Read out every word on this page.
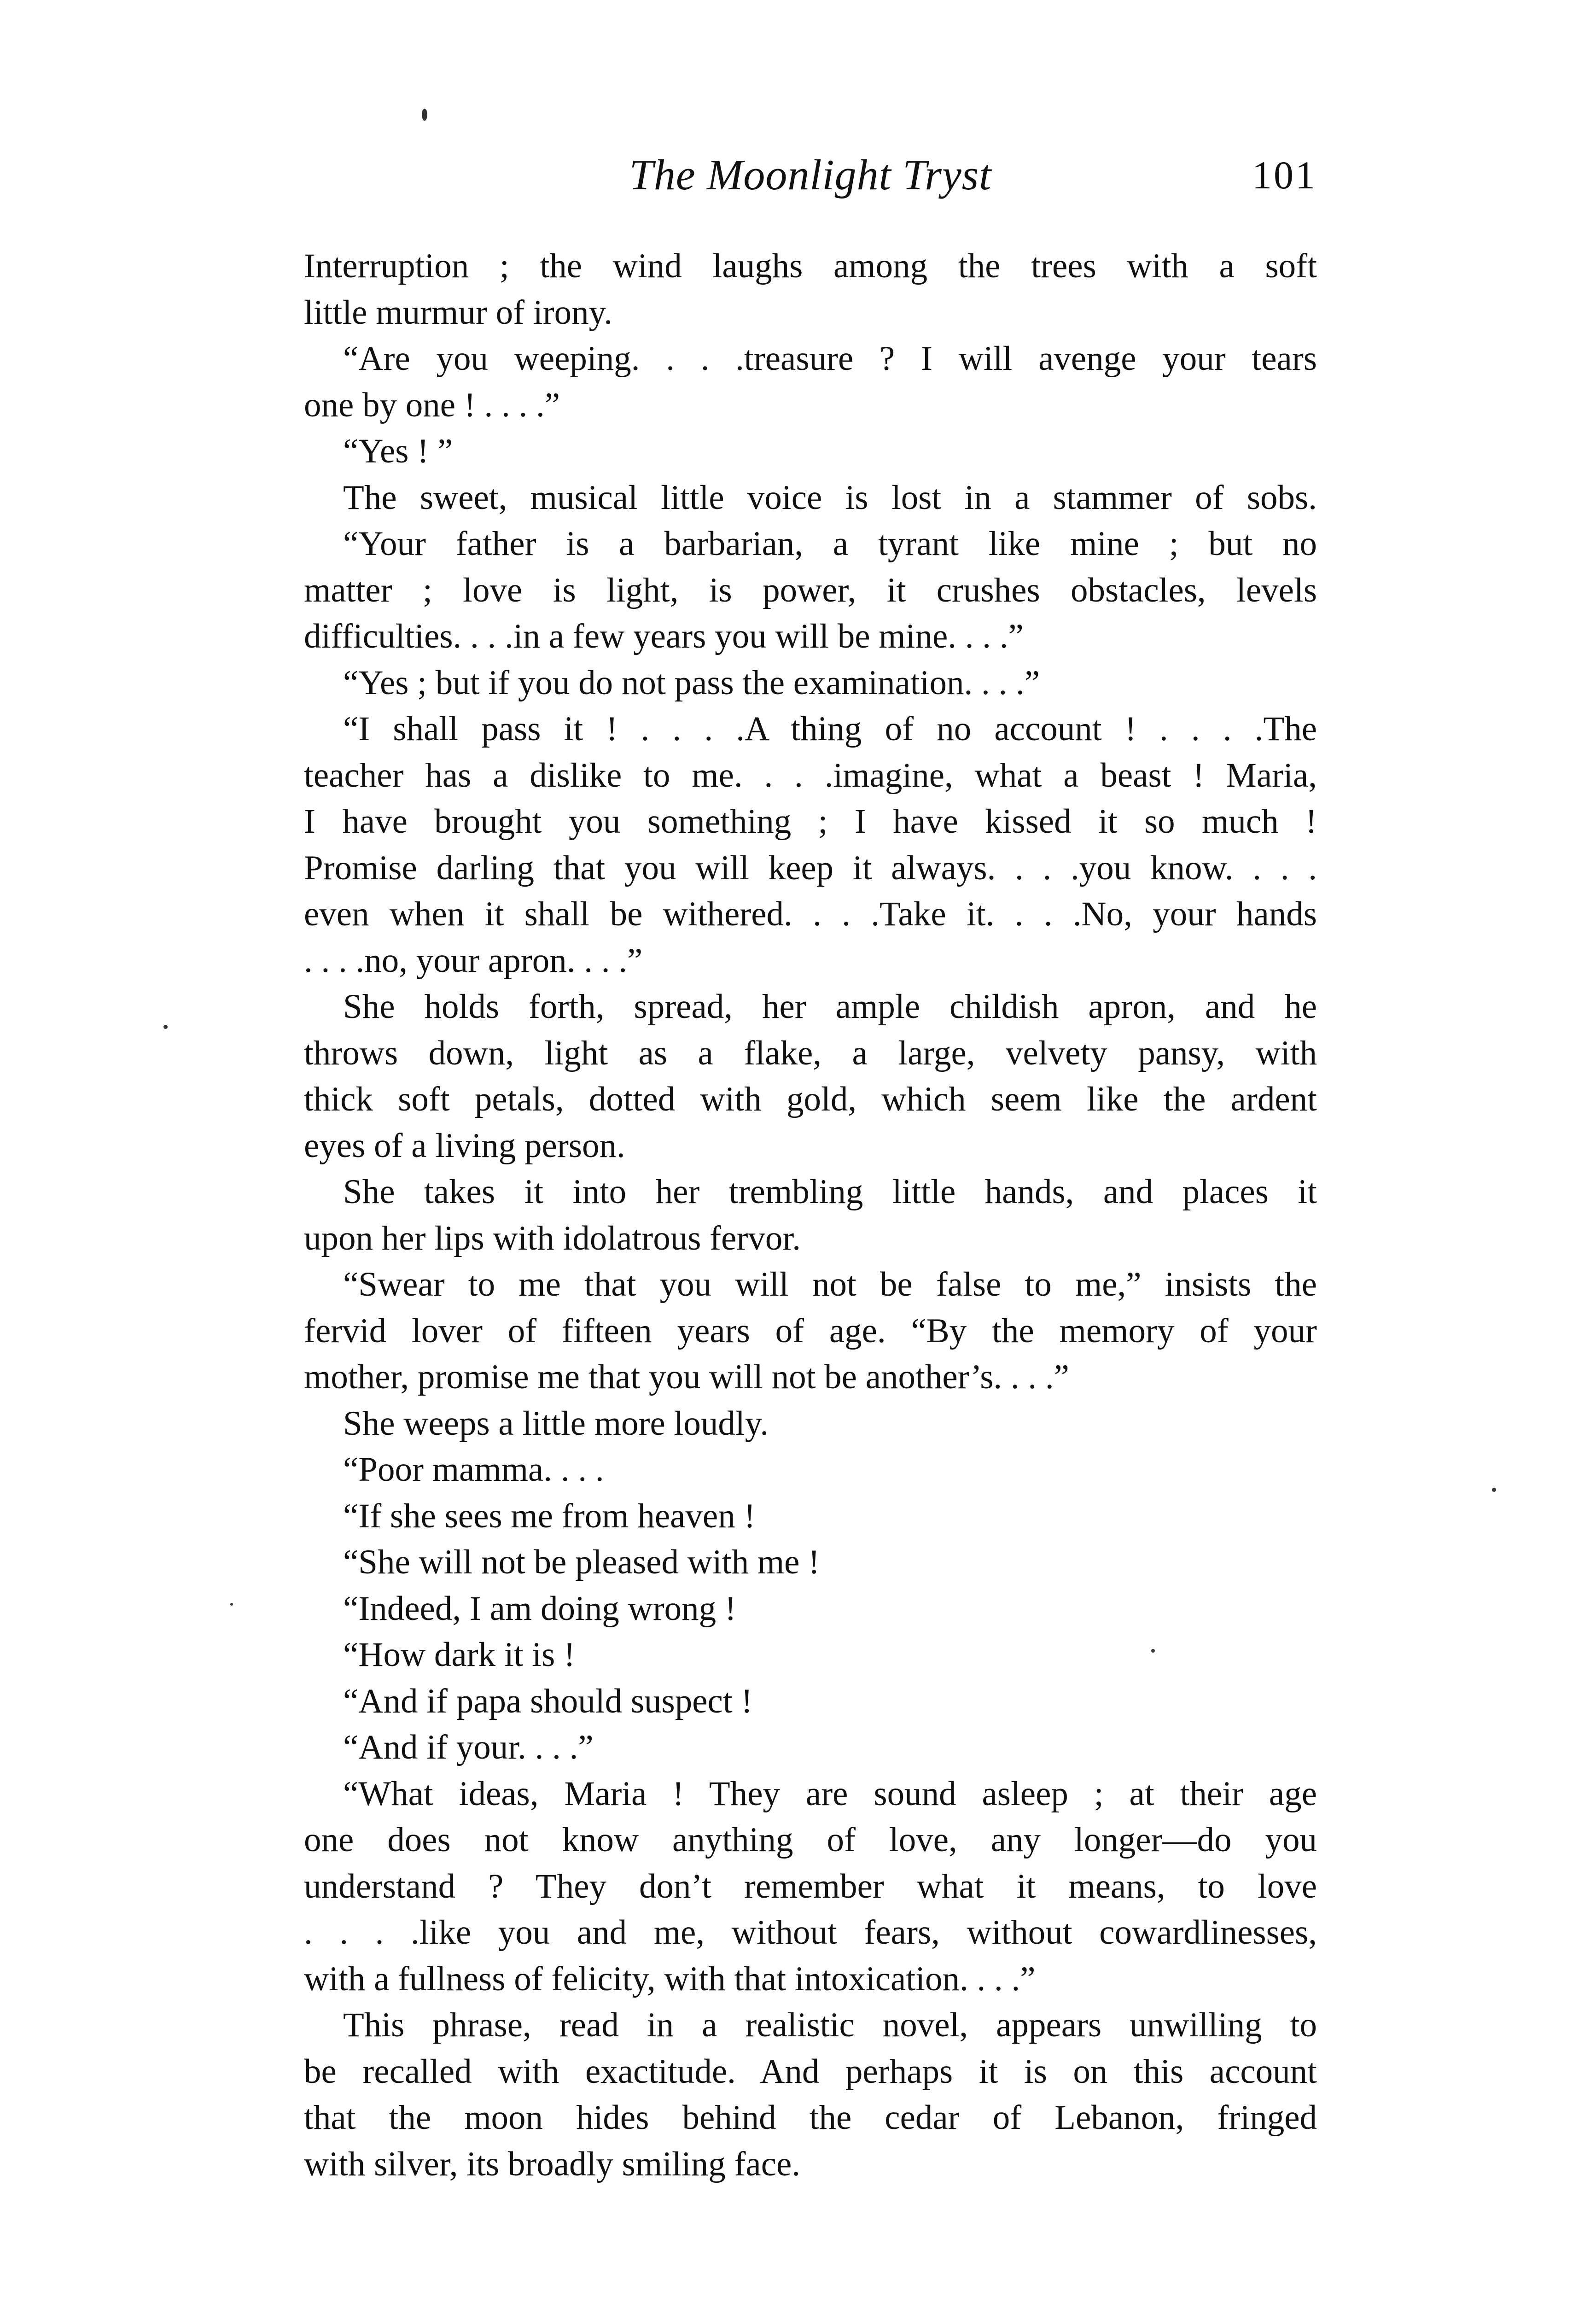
The Moonlight Tryst	101
Interruption ; the wind laughs among the trees with a soft
little murmur of irony.
“Are you weeping. . . .treasure ? I will avenge your tears
one by one ! . . . .”
“Yes ! ”
The sweet, musical little voice is lost in a stammer of sobs.
“Your father is a barbarian, a tyrant like mine ; but no
matter ; love is light, is power, it crushes obstacles, levels
difficulties. . . .in a few years you will be mine. . . .”
“Yes ; but if you do not pass the examination. . . .”
“I shall pass it ! . . . .A thing of no account ! . . . .The
teacher has a dislike to me. . . .imagine, what a beast ! Maria,
I have brought you something ; I have kissed it so much !
Promise darling that you will keep it always. . . .you know. . . .
even when it shall be withered. . . .Take it. . . .No, your hands
. . . .no, your apron. . . .”
She holds forth, spread, her ample childish apron, and he
throws down, light as a flake, a large, velvety pansy, with
thick soft petals, dotted with gold, which seem like the ardent
eyes of a living person.
She takes it into her trembling little hands, and places it
upon her lips with idolatrous fervor.
“Swear to me that you will not be false to me,” insists the
fervid lover of fifteen years of age. “By the memory of your
mother, promise me that you will not be another’s. . . .”
She weeps a little more loudly.
“Poor mamma. . . .
“If she sees me from heaven !
“She will not be pleased with me !
“Indeed, I am doing wrong !
“How dark it is !
“And if papa should suspect !
“And if your. . . .”
“What ideas, Maria ! They are sound asleep ; at their age
one does not know anything of love, any longer—do you
understand ? They don’t remember what it means, to love
. . . .like you and me, without fears, without cowardlinesses,
with a fullness of felicity, with that intoxication. . . .”
This phrase, read in a realistic novel, appears unwilling to
be recalled with exactitude. And perhaps it is on this account
that the moon hides behind the cedar of Lebanon, fringed
with silver, its broadly smiling face.
